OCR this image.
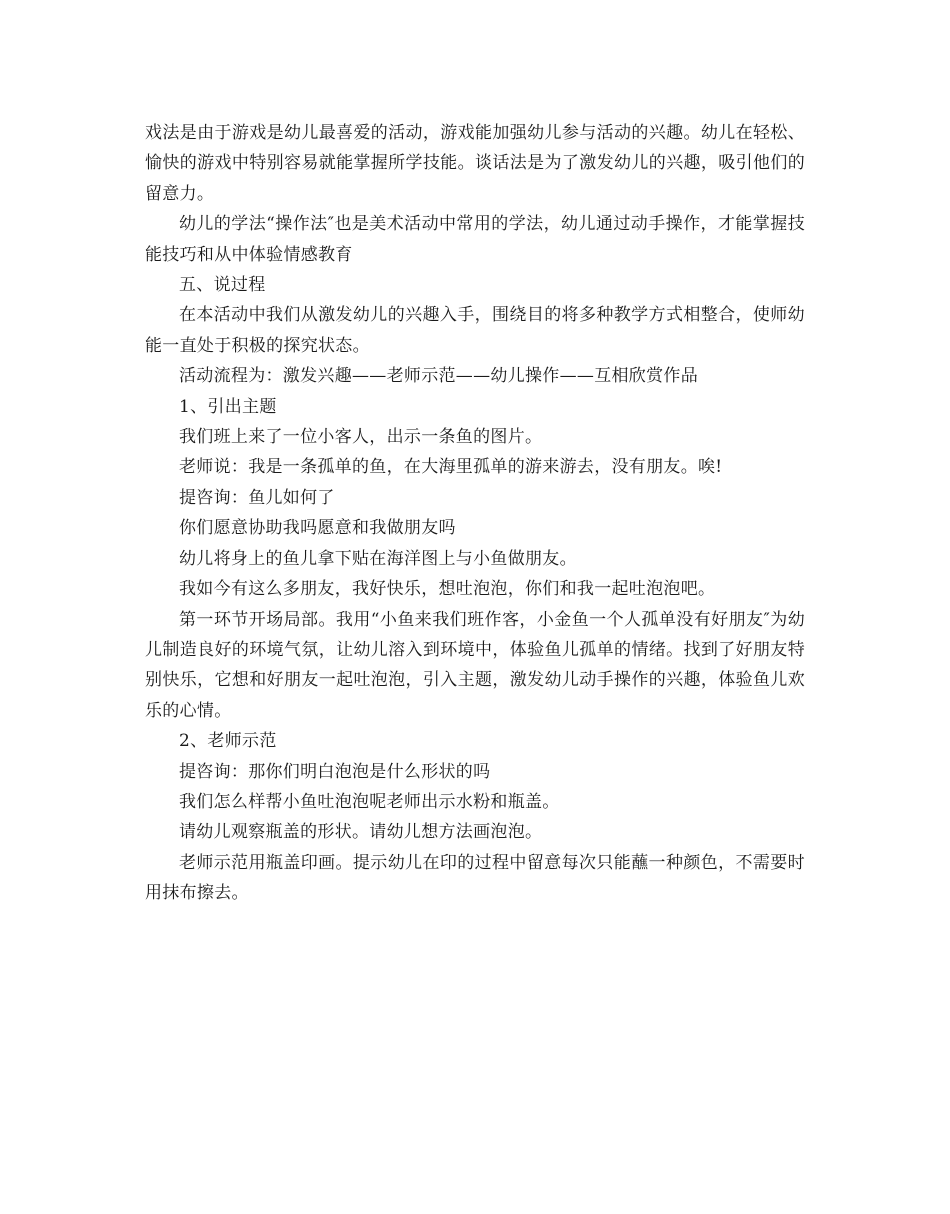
戏法是由于游戏是幼儿最喜爱的活动，游戏能加强幼儿参与活动的兴趣。幼儿在轻松、愉快的游戏中特别容易就能掌握所学技能。谈话法是为了激发幼儿的兴趣，吸引他们的留意力。

幼儿的学法“操作法″也是美术活动中常用的学法，幼儿通过动手操作，才能掌握技能技巧和从中体验情感教育

五、说过程

在本活动中我们从激发幼儿的兴趣入手，围绕目的将多种教学方式相整合，使师幼能一直处于积极的探究状态。

活动流程为：激发兴趣——老师示范——幼儿操作——互相欣赏作品

1、引出主题

我们班上来了一位小客人，出示一条鱼的图片。

老师说：我是一条孤单的鱼，在大海里孤单的游来游去，没有朋友。唉!

提咨询：鱼儿如何了

你们愿意协助我吗愿意和我做朋友吗

幼儿将身上的鱼儿拿下贴在海洋图上与小鱼做朋友。

我如今有这么多朋友，我好快乐，想吐泡泡，你们和我一起吐泡泡吧。

第一环节开场局部。我用“小鱼来我们班作客，小金鱼一个人孤单没有好朋友″为幼儿制造良好的环境气氛，让幼儿溶入到环境中，体验鱼儿孤单的情绪。找到了好朋友特别快乐，它想和好朋友一起吐泡泡，引入主题，激发幼儿动手操作的兴趣，体验鱼儿欢乐的心情。

2、老师示范

提咨询：那你们明白泡泡是什么形状的吗

我们怎么样帮小鱼吐泡泡呢老师出示水粉和瓶盖。

请幼儿观察瓶盖的形状。请幼儿想方法画泡泡。

老师示范用瓶盖印画。提示幼儿在印的过程中留意每次只能蘸一种颜色，不需要时用抹布擦去。
